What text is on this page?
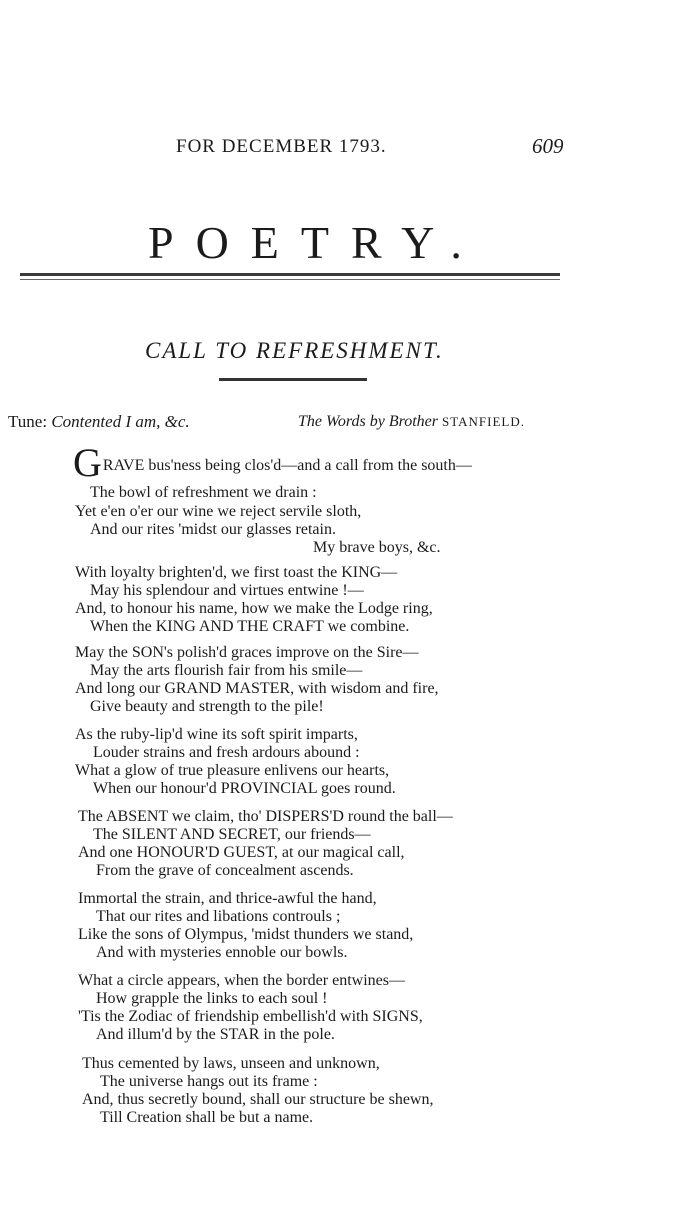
FOR DECEMBER 1793.	609
POETRY.
CALL TO REFRESHMENT.
Tune: Contented I am, &c.	The Words by Brother STANFIELD.
GRAVE bus'ness being clos'd—and a call from the south—
The bowl of refreshment we drain :
Yet e'en o'er our wine we reject servile sloth,
And our rites 'midst our glasses retain.
My brave boys, &c.
With loyalty brighten'd, we first toast the KING—
May his splendour and virtues entwine !—
And, to honour his name, how we make the Lodge ring,
When the KING AND THE CRAFT we combine.
May the SON's polish'd graces improve on the Sire—
May the arts flourish fair from his smile—
And long our GRAND MASTER, with wisdom and fire,
Give beauty and strength to the pile!
As the ruby-lip'd wine its soft spirit imparts,
Louder strains and fresh ardours abound :
What a glow of true pleasure enlivens our hearts,
When our honour'd PROVINCIAL goes round.
The ABSENT we claim, tho' DISPERS'D round the ball—
The SILENT AND SECRET, our friends—
And one HONOUR'D GUEST, at our magical call,
From the grave of concealment ascends.
Immortal the strain, and thrice-awful the hand,
That our rites and libations controuls ;
Like the sons of Olympus, 'midst thunders we stand,
And with mysteries ennoble our bowls.
What a circle appears, when the border entwines—
How grapple the links to each soul !
'Tis the Zodiac of friendship embellish'd with SIGNS,
And illum'd by the STAR in the pole.
Thus cemented by laws, unseen and unknown,
The universe hangs out its frame :
And, thus secretly bound, shall our structure be shewn,
Till Creation shall be but a name.
